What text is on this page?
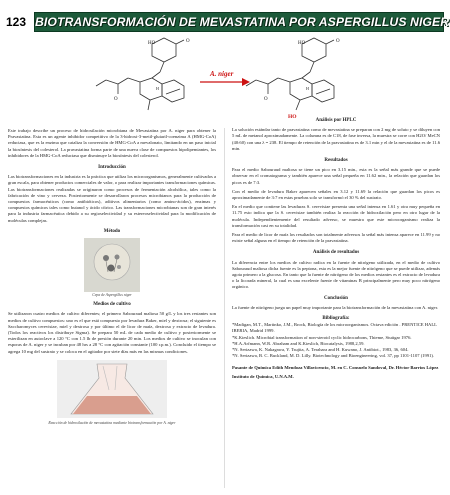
123 BIOTRANSFORMACIÓN DE MEVASTATINA POR ASPERGILLUS NIGER
HO	O
O
H
A. niger
HO	O
O
H
HO

Este trabajo describe un proceso de hidroxilación microbiana de Mevastatina por A. niger para obtener la Pravastatina. Esta es un agente inhibidor competitivo de la 3-hidroxi-3-metil-glutaril-coenzima A (HMG-CoA) reductasa, que es la enzima que cataliza la conversión de HMG-CoA a mevalonato, limitando en un paso inicial la biosíntesis del colesterol. La pravastatina forma parte de una nueva clase de compuestos hipolipemiantes, los inhibidores de la HMG-CoA reductasa que disminuye la biosíntesis del colesterol.

Introducción

Las biotransformaciones en la industria es la práctica que utiliza los microorganismos, generalmente cultivados a gran escala, para obtener productos comerciales de valor, o para realizar importantes transformaciones químicas. Las biotransformaciones realizadas se originaron como procesos de fermentación alcohólica, tales como la fabricación de vino y cerveza. Posteriormente se desarrollaron procesos microbianos para la producción de compuestos farmacéuticos (como antibióticos), aditivos alimentarios (como amino-ácidos), enzimas y compuestos químicos tales como butanol y ácido cítrico. Las transformaciones microbianas son de gran interés para la industria farmacéutica debido a su regioselectividad y su estereoselectividad para la modificación de moléculas complejas.

Método

Cepa de Aspergillus niger

Medios de cultivo

Se utilizaron cuatro medios de cultivo diferentes; el primero Sabouraud maltosa 50 g/L y los tres restantes son medios de cultivo compuestos: uno es el que está compuesto por levadura Baker, miel y dextrosa; el siguiente es Saccharomyces cerevisiae, miel y dextrosa y por último el de licor de maíz, dextrosa y extracto de levadura. (Todos los reactivos los distribuye Sigma). Se prepara 50 mL de cada medio de cultivo y posteriormente se esterilizan en autoclave a 120 °C con 1.5 lb de presión durante 20 min. Los medios de cultivo se inoculan con esporas de A. niger y se incuban por 48 hrs a 28 °C con agitación constante (100 r.p.m.). Concluido el tiempo se agrega 10 mg del sustrato y se coloca en el agitador por siete días más en las mismas condiciones.

Reacción de hidroxilación de mevastatina mediante biotransformación por A. niger

Análisis por HPLC

La solución estándar tanto de pravastatina como de mevastatina se preparan con 2 mg de soluto y se diluyen con 5 mL de metanol aproximadamente. La columna es de C18, de fase inversa, la muestra se corre con H2O/ MeCN (40:60) con una λ = 238. El tiempo de retención de la pravastatina es de 3.1 min y el de la mevastatina es de 11.6 min.

Resultados

Para el medio Sabouraud maltosa se tiene un pico en 3.15 min., esta es la señal más grande que se puede observar en el cromatograma y también aparece una señal pequeña en 11.62 min., la relación que guardan los picos es de 7:3.

Con el medio de levadura Baker aparecen señales en 3.12 y 11.69 la relación que guardan los picos es aproximadamente de 3:7 en estas pruebas solo se transformó el 30 % del sustrato.

En el medio que contiene las levaduras S. cerevisiae presenta una señal intensa en 1.61 y otra muy pequeña en 11.75 esto indica que la S. cerevisiae también realiza la reacción de hidroxilación pero en otro lugar de la molécula. Independientemente del resultado adverso, se muestra que este microorganismo realiza la transformación casi en su totalidad.

Para el medio de licor de maíz los resultados son totalmente adversos la señal más intensa aparece en 11.99 y no existe señal alguna en el tiempo de retención de la pravastatina.

Análisis de resultados

La diferencia entre los medios de cultivo radica en la fuente de nitrógeno utilizada, en el medio de cultivo Sabouraud maltosa dicha fuente es la peptona, esta es la mejor fuente de nitrógeno que se puede utilizar, además agota primero a la glucosa. En tanto que la fuente de nitrógeno de los medios restantes es el extracto de levadura o la licorada mineral, la cual es una excelente fuente de vitaminas B principalmente pero muy poco nitrógeno orgánico.

Conclusión

La fuente de nitrógeno juega un papel muy importante para la biotransformación de la mevastatina con A. niger.

Bibliografía:

*Madigan, M.T., Martinko, J.M., Brock, Biología de los microorganismos. Octava edición . PRENTICE HALL IBERIA, Madrid 1999.

*K.Kieslich. Microbial transformation of non-steroid cyclic hidrocarbons, Thieme, Stuttgar 1976.

*H.A.Arfmann, W.R. Abraham and K.Kieslich, Biocatalysis, 1988,2,59.

*N. Serizawa, K. Nakagawa, Y. Tsujita, A. Terahara and H. Kuwano, J. Antibiot., 1983, 36, 604.

*N. Serizawa, B. C. Buckland, M. D. Lilly. Biotechnology and Bioengineering, vol. 37, pp 1101-1107 (1991).

Pasante de Química Edith Mendoza Villavicencio, M. en C. Consuelo Sandoval, Dr. Héctor Barrios López

Instituto de Química, U.N.A.M.
